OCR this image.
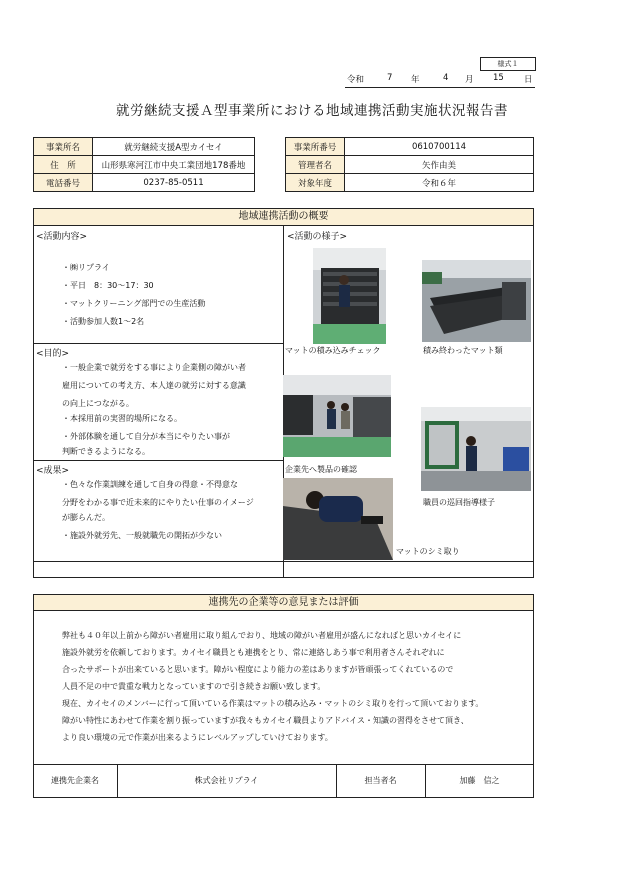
様式１
令和	7 年	4 月 15 日
就労継続支援Ａ型事業所における地域連携活動実施状況報告書
事業所名	就労継続支援A型カイセイ
住　所	山形県寒河江市中央工業団地178番地
電話番号	0237-85-0511
事業所番号	0610700114
管理者名	矢作由美
対象年度	令和６年
地域連携活動の概要
<活動内容>
・㈱リプライ
・平日　8：30～17：30
・マットクリーニング部門での生産活動
・活動参加人数1～2名
<目的>
・一般企業で就労をする事により企業側の障がい者
雇用についての考え方、本人達の就労に対する意識
の向上につながる。
・本採用前の実習的場所になる。
・外部体験を通して自分が本当にやりたい事が
判断できるようになる。
<成果>
・色々な作業訓練を通して自身の得意・不得意な
分野をわかる事で近未来的にやりたい仕事のイメージ
が膨らんだ。
・施設外就労先、一般就職先の開拓が少ない
<活動の様子>
マットの積み込みチェック	積み終わったマット類
企業先へ製品の確認
職員の巡回指導様子
マットのシミ取り
連携先の企業等の意見または評価
弊社も４０年以上前から障がい者雇用に取り組んでおり、地域の障がい者雇用が盛んになればと思いカイセイに
施設外就労を依頼しております。カイセイ職員とも連携をとり、常に連絡しあう事で利用者さんそれぞれに
合ったサポートが出来ていると思います。障がい程度により能力の差はありますが皆頑張ってくれているので
人員不足の中で貴重な戦力となっていますので引き続きお願い致します。
現在、カイセイのメンバーに行って頂いている作業はマットの積み込み・マットのシミ取りを行って頂いております。
障がい特性にあわせて作業を割り振っていますが我々もカイセイ職員よりアドバイス・知識の習得をさせて頂き、
より良い環境の元で作業が出来るようにレベルアップしていけております。
連携先企業名	株式会社リプライ	担当者名	加藤　信之
